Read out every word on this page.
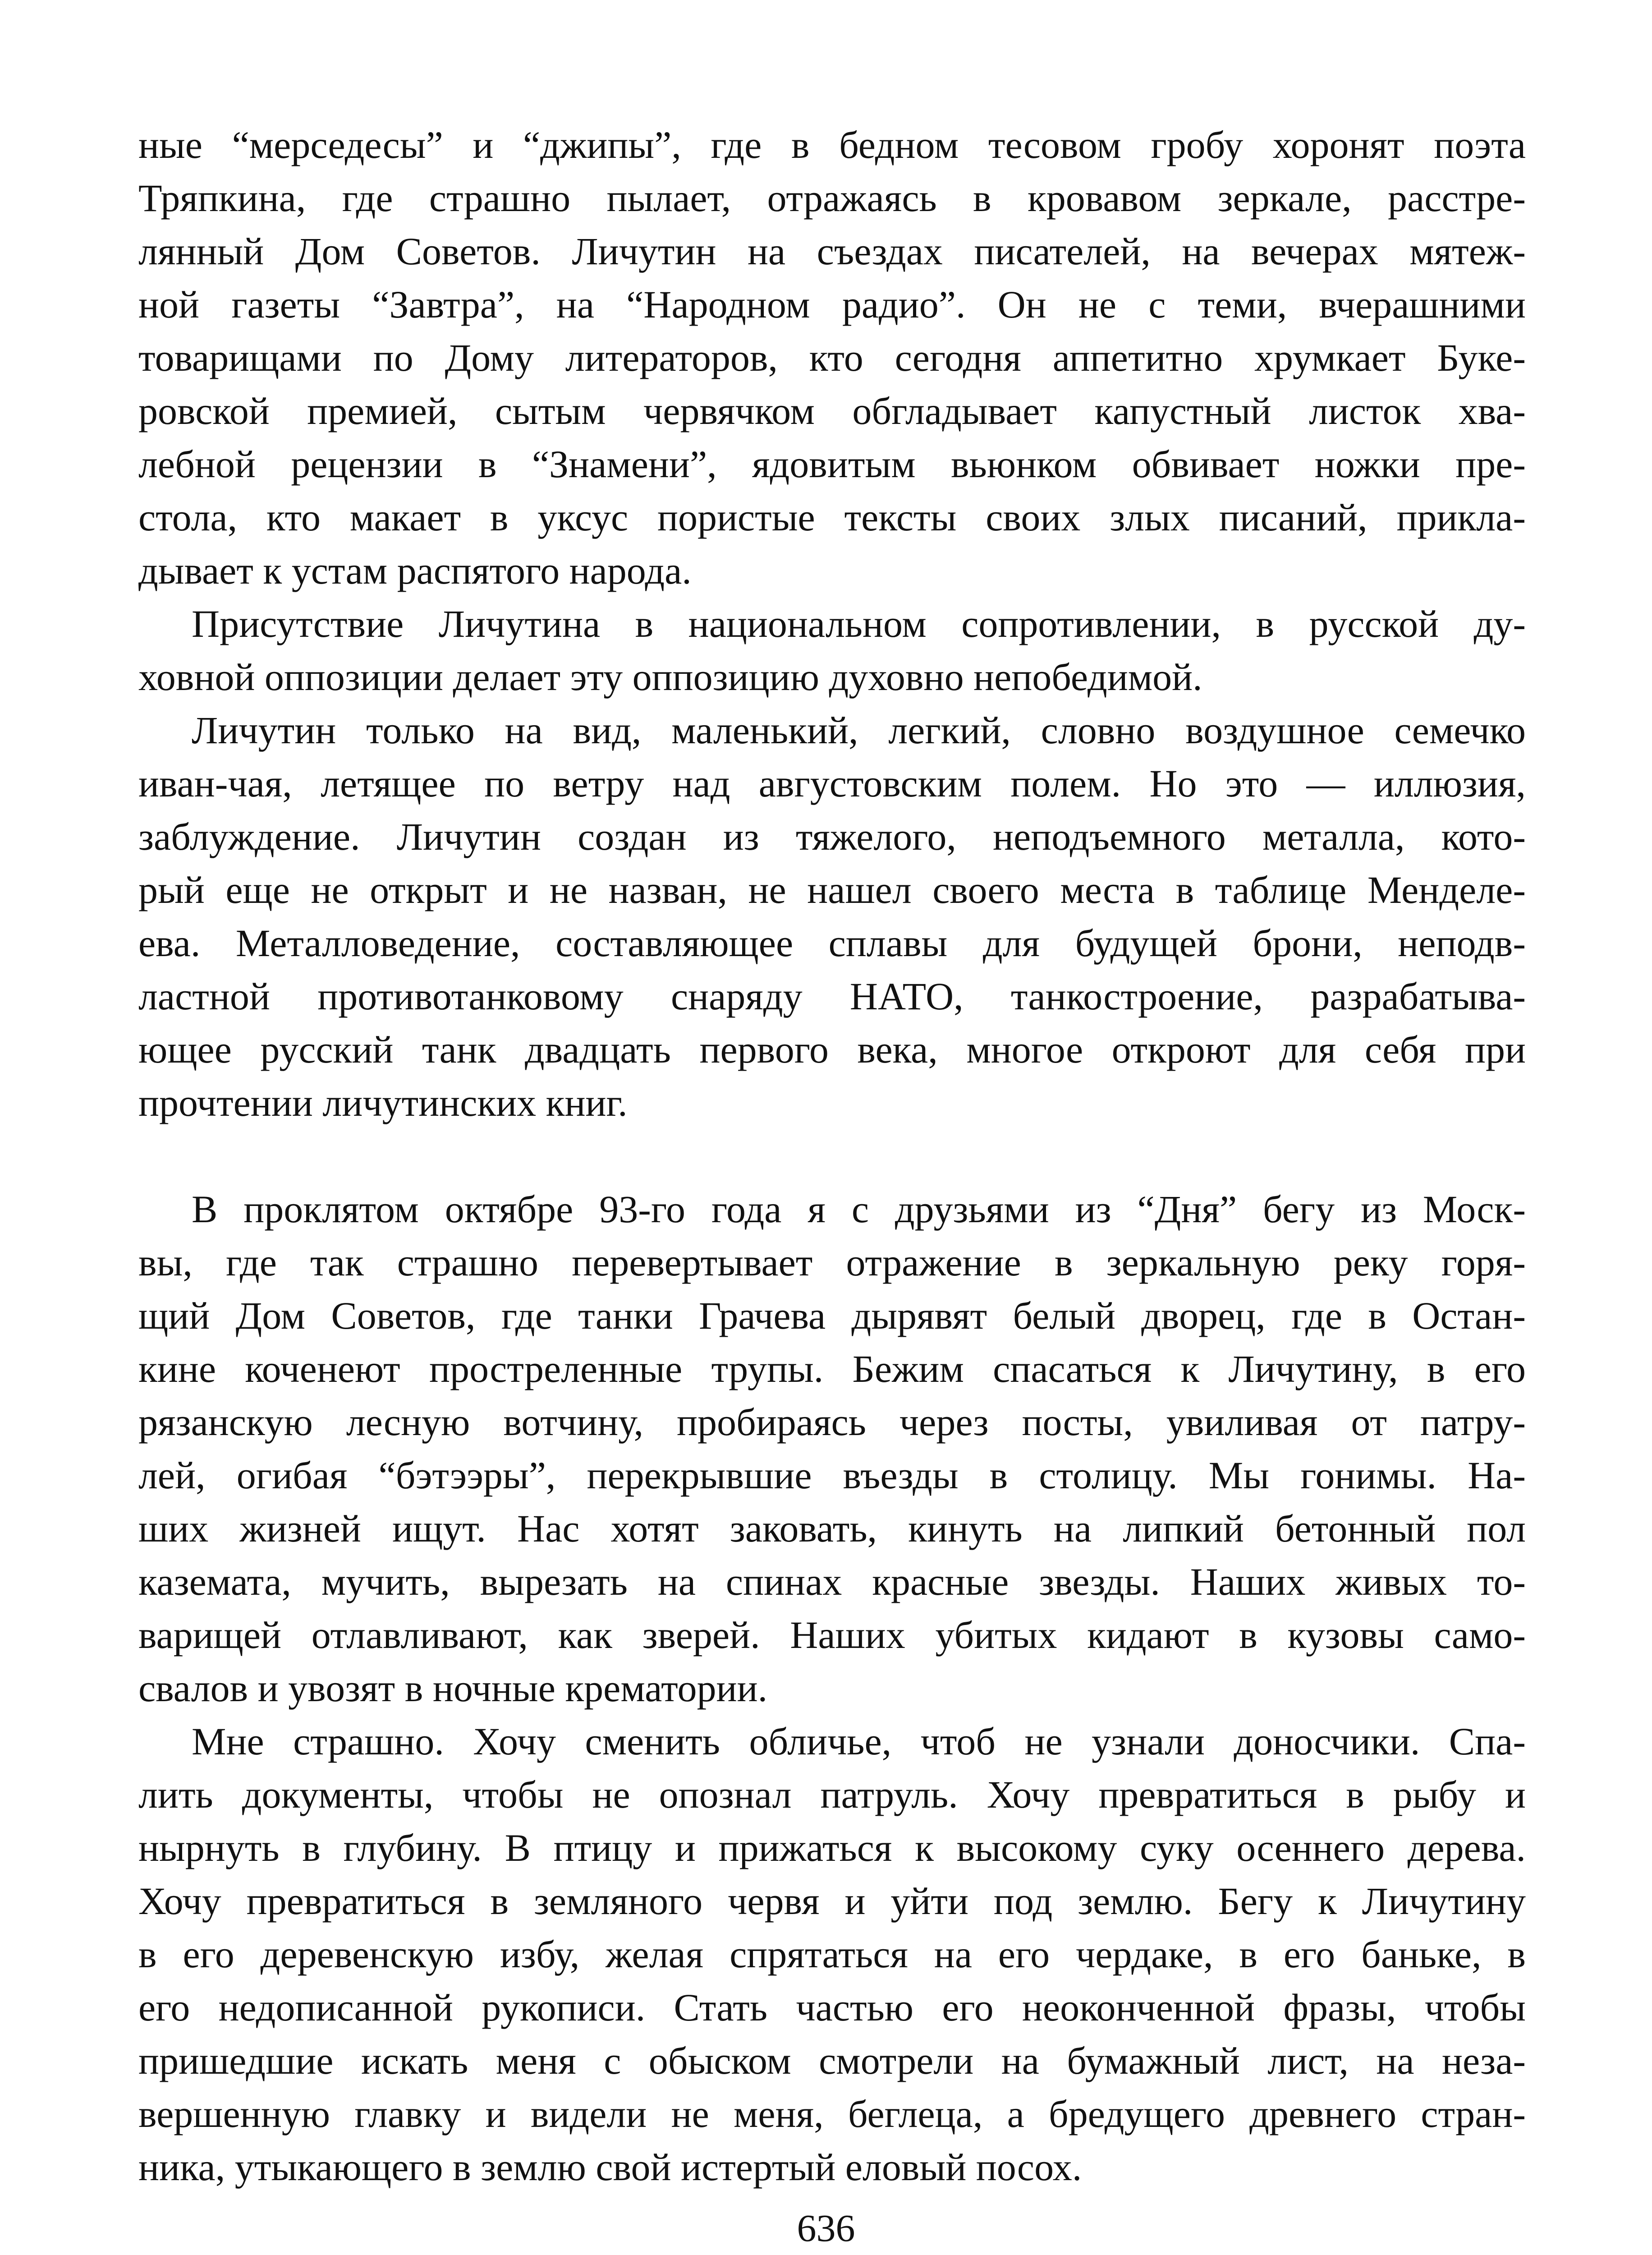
ные “мерседесы” и “джипы”, где в бедном тесовом гробу хоронят поэта
Тряпкина, где страшно пылает, отражаясь в кровавом зеркале, расстре-
лянный Дом Советов. Личутин на съездах писателей, на вечерах мятеж-
ной газеты “Завтра”, на “Народном радио”. Он не с теми, вчерашними
товарищами по Дому литераторов, кто сегодня аппетитно хрумкает Буке-
ровской премией, сытым червячком обгладывает капустный листок хва-
лебной рецензии в “Знамени”, ядовитым вьюнком обвивает ножки пре-
стола, кто макает в уксус пористые тексты своих злых писаний, прикла-
дывает к устам распятого народа.
Присутствие Личутина в национальном сопротивлении, в русской ду-
ховной оппозиции делает эту оппозицию духовно непобедимой.
Личутин только на вид, маленький, легкий, словно воздушное семечко
иван-чая, летящее по ветру над августовским полем. Но это — иллюзия,
заблуждение. Личутин создан из тяжелого, неподъемного металла, кото-
рый еще не открыт и не назван, не нашел своего места в таблице Менделе-
ева. Металловедение, составляющее сплавы для будущей брони, неподв-
ластной противотанковому снаряду НАТО, танкостроение, разрабатыва-
ющее русский танк двадцать первого века, многое откроют для себя при
прочтении личутинских книг.
В проклятом октябре 93-го года я с друзьями из “Дня” бегу из Моск-
вы, где так страшно перевертывает отражение в зеркальную реку горя-
щий Дом Советов, где танки Грачева дырявят белый дворец, где в Остан-
кине коченеют простреленные трупы. Бежим спасаться к Личутину, в его
рязанскую лесную вотчину, пробираясь через посты, увиливая от патру-
лей, огибая “бэтээры”, перекрывшие въезды в столицу. Мы гонимы. На-
ших жизней ищут. Нас хотят заковать, кинуть на липкий бетонный пол
каземата, мучить, вырезать на спинах красные звезды. Наших живых то-
варищей отлавливают, как зверей. Наших убитых кидают в кузовы само-
свалов и увозят в ночные крематории.
Мне страшно. Хочу сменить обличье, чтоб не узнали доносчики. Спа-
лить документы, чтобы не опознал патруль. Хочу превратиться в рыбу и
нырнуть в глубину. В птицу и прижаться к высокому суку осеннего дерева.
Хочу превратиться в земляного червя и уйти под землю. Бегу к Личутину
в его деревенскую избу, желая спрятаться на его чердаке, в его баньке, в
его недописанной рукописи. Стать частью его неоконченной фразы, чтобы
пришедшие искать меня с обыском смотрели на бумажный лист, на неза-
вершенную главку и видели не меня, беглеца, а бредущего древнего стран-
ника, утыкающего в землю свой истертый еловый посох.
636
